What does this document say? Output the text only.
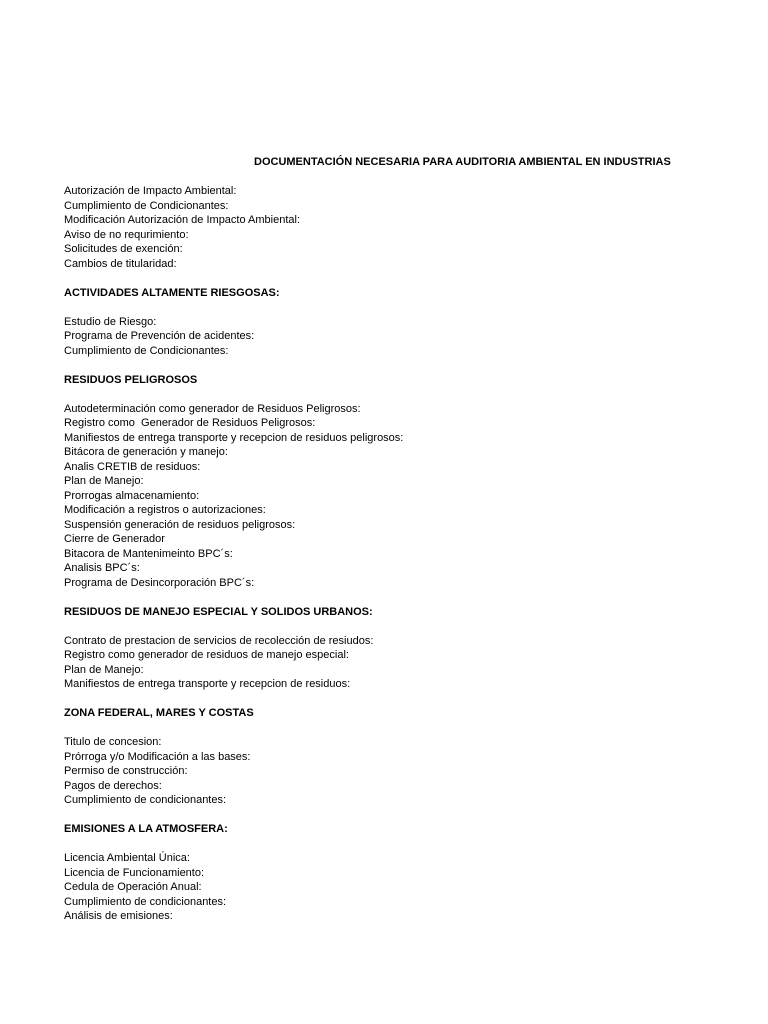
DOCUMENTACIÓN NECESARIA PARA AUDITORIA AMBIENTAL EN INDUSTRIAS
Autorización de Impacto Ambiental:
Cumplimiento de Condicionantes:
Modificación Autorización de Impacto Ambiental:
Aviso de no requrimiento:
Solicitudes de exención:
Cambios de titularidad:
ACTIVIDADES ALTAMENTE RIESGOSAS:
Estudio de Riesgo:
Programa de Prevención de acidentes:
Cumplimiento de Condicionantes:
RESIDUOS PELIGROSOS
Autodeterminación como generador de Residuos Peligrosos:
Registro como  Generador de Residuos Peligrosos:
Manifiestos de entrega transporte y recepcion de residuos peligrosos:
Bitácora de generación y manejo:
Analis CRETIB de residuos:
Plan de Manejo:
Prorrogas almacenamiento:
Modificación a registros o autorizaciones:
Suspensión generación de residuos peligrosos:
Cierre de Generador
Bitacora de Mantenimeinto BPC´s:
Analisis BPC´s:
Programa de Desincorporación BPC´s:
RESIDUOS DE MANEJO ESPECIAL Y SOLIDOS URBANOS:
Contrato de prestacion de servicios de recolección de resiudos:
Registro como generador de residuos de manejo especial:
Plan de Manejo:
Manifiestos de entrega transporte y recepcion de residuos:
ZONA FEDERAL, MARES Y COSTAS
Titulo de concesion:
Prórroga y/o Modificación a las bases:
Permiso de construcción:
Pagos de derechos:
Cumplimiento de condicionantes:
EMISIONES A LA ATMOSFERA:
Licencia Ambiental Única:
Licencia de Funcionamiento:
Cedula de Operación Anual:
Cumplimiento de condicionantes:
Análisis de emisiones:
